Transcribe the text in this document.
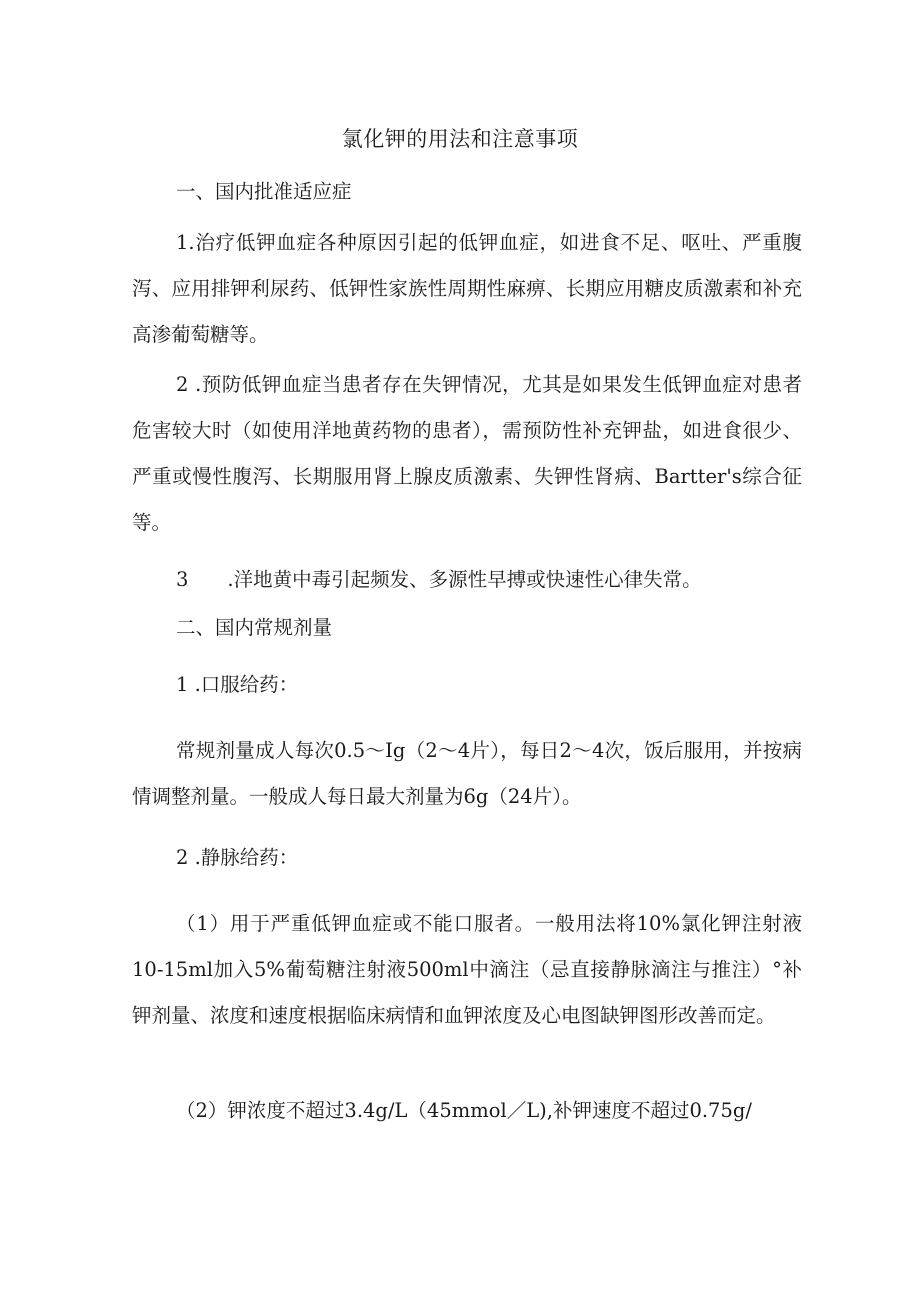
氯化钾的用法和注意事项
一、国内批准适应症

1.治疗低钾血症各种原因引起的低钾血症，如进食不足、呕吐、严重腹泻、应用排钾利尿药、低钾性家族性周期性麻痹、长期应用糖皮质激素和补充高渗葡萄糖等。

2 .预防低钾血症当患者存在失钾情况，尤其是如果发生低钾血症对患者危害较大时（如使用洋地黄药物的患者），需预防性补充钾盐，如进食很少、严重或慢性腹泻、长期服用肾上腺皮质激素、失钾性肾病、Bartter's综合征等。

3　　.洋地黄中毒引起频发、多源性早搏或快速性心律失常。
二、国内常规剂量
1 .口服给药：

常规剂量成人每次0.5～Ig（2～4片），每日2～4次，饭后服用，并按病情调整剂量。一般成人每日最大剂量为6g（24片）。

2 .静脉给药：

（1）用于严重低钾血症或不能口服者。一般用法将10%氯化钾注射液10-15ml加入5%葡萄糖注射液500ml中滴注（忌直接静脉滴注与推注）°补钾剂量、浓度和速度根据临床病情和血钾浓度及心电图缺钾图形改善而定。

（2）钾浓度不超过3.4g/L（45mmol／L),补钾速度不超过0.75g/
